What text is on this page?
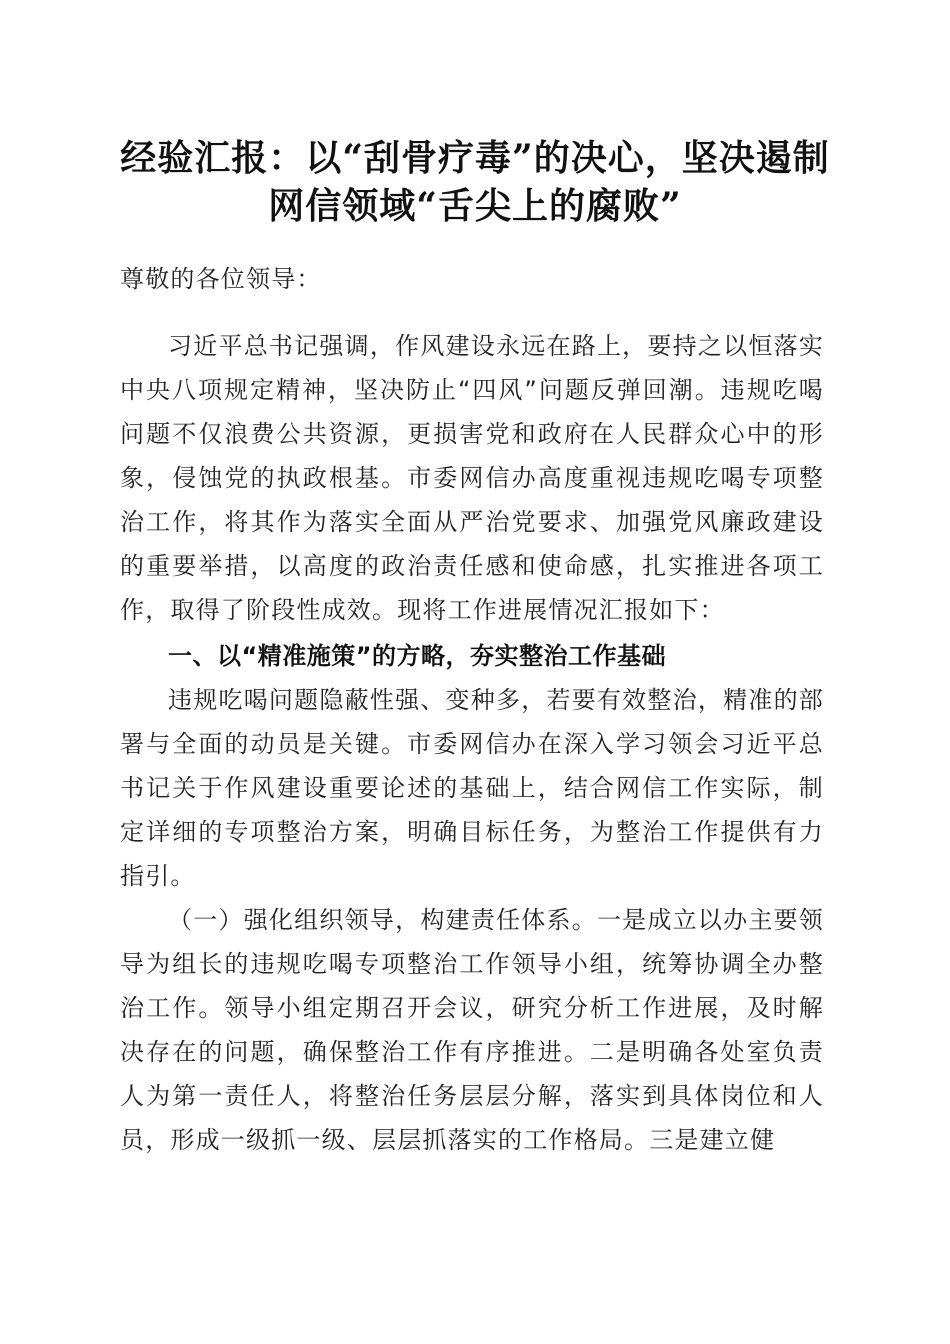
经验汇报：以“刮骨疗毒”的决心，坚决遏制
网信领域“舌尖上的腐败”

尊敬的各位领导：

习近平总书记强调，作风建设永远在路上，要持之以恒落实中央八项规定精神，坚决防止“四风”问题反弹回潮。违规吃喝问题不仅浪费公共资源，更损害党和政府在人民群众心中的形象，侵蚀党的执政根基。市委网信办高度重视违规吃喝专项整治工作，将其作为落实全面从严治党要求、加强党风廉政建设的重要举措，以高度的政治责任感和使命感，扎实推进各项工作，取得了阶段性成效。现将工作进展情况汇报如下：

一、以“精准施策”的方略，夯实整治工作基础

违规吃喝问题隐蔽性强、变种多，若要有效整治，精准的部署与全面的动员是关键。市委网信办在深入学习领会习近平总书记关于作风建设重要论述的基础上，结合网信工作实际，制定详细的专项整治方案，明确目标任务，为整治工作提供有力指引。

（一）强化组织领导，构建责任体系。一是成立以办主要领导为组长的违规吃喝专项整治工作领导小组，统筹协调全办整治工作。领导小组定期召开会议，研究分析工作进展，及时解决存在的问题，确保整治工作有序推进。二是明确各处室负责人为第一责任人，将整治任务层层分解，落实到具体岗位和人员，形成一级抓一级、层层抓落实的工作格局。三是建立健
